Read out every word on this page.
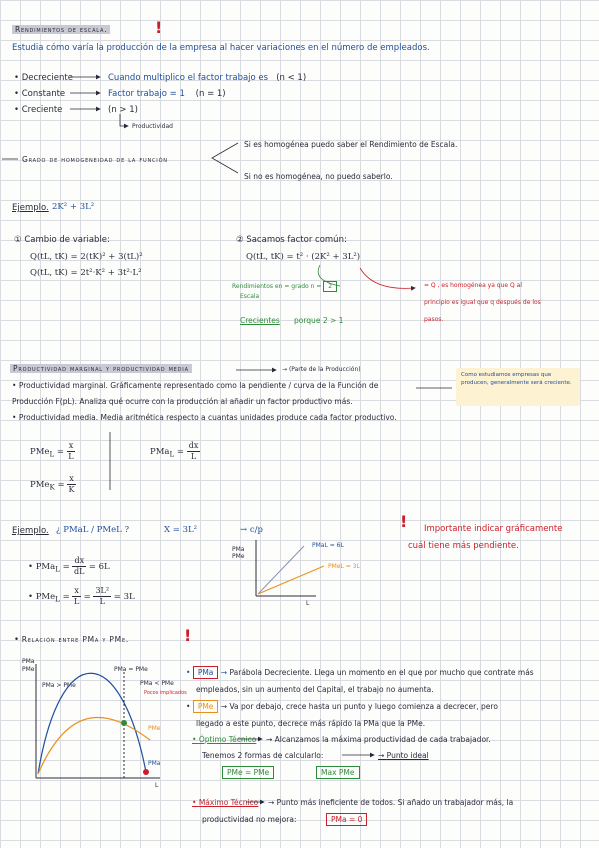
Rendimientos de escala.	!
Estudia cómo varía la producción de la empresa al hacer variaciones en el número de empleados.
• Decreciente	Cuando multiplico el factor trabajo es (n < 1)
• Constante	Factor trabajo = 1 (n = 1)
• Creciente	(n > 1)
Productividad
Grado de homogeneidad de la función
Si es homogénea puedo saber el Rendimiento de Escala.
Si no es homogénea, no puedo saberlo.
Ejemplo. 2K² + 3L²
① Cambio de variable:
Q(tL, tK) = 2(tK)² + 3(tL)²
Q(tL, tK) = 2t²·K² + 3t²·L²
② Sacamos factor común:
Q(tL, tK) = t² · (2K² + 3L²)
Rendimientos en = grado n = 2
Escala
Crecientes porque 2 > 1
= Q , es homogénea ya que Q al
principio es igual que q después de los
pasos.
Productividad marginal y productividad media	→ (Parte de la Producción)
Como estudiamos empresas que producen, generalmente será creciente.
• Productividad marginal. Gráficamente representado como la pendiente / curva de la Función de
Producción F(pL). Analiza qué ocurre con la producción al añadir un factor productivo más.
• Productividad media. Media aritmética respecto a cuantas unidades produce cada factor productivo.
$PMe_L = \frac{x}{L}$
$PMe_K = \frac{x}{K}$
$PMa_L = \frac{dx}{L}$
Ejemplo. ¿ PMaL / PMeL ?	X = 3L²	→ c/p	! Importante indicar gráficamente
cuál tiene más pendiente.
• $PMa_L = \frac{dx}{dL} = 6L$
• $PMe_L = \frac{x}{L} = \frac{\text{3L²}}{L} = 3L$
PMa
PMe
PMaL = 6L
PMeL = 3L
L
• Relación entre PMa y PMe.	!
PMa
PMe	PMa = PMe
PMa > PMe	PMa < PMe
Pocos implicados
L
PMa
PMe
• PMa → Parábola Decreciente. Llega un momento en el que por mucho que contrate más
empleados, sin un aumento del Capital, el trabajo no aumenta.
• PMe → Va por debajo, crece hasta un punto y luego comienza a decrecer, pero
llegado a este punto, decrece más rápido la PMa que la PMe.
• Óptimo Técnico → Alcanzamos la máxima productividad de cada trabajador.
Tenemos 2 formas de calcularlo:	→ Punto ideal
PMe = PMe	Max PMe
• Máximo Técnico → Punto más ineficiente de todos. Si añado un trabajador más, la
productividad no mejora:	PMa = 0
